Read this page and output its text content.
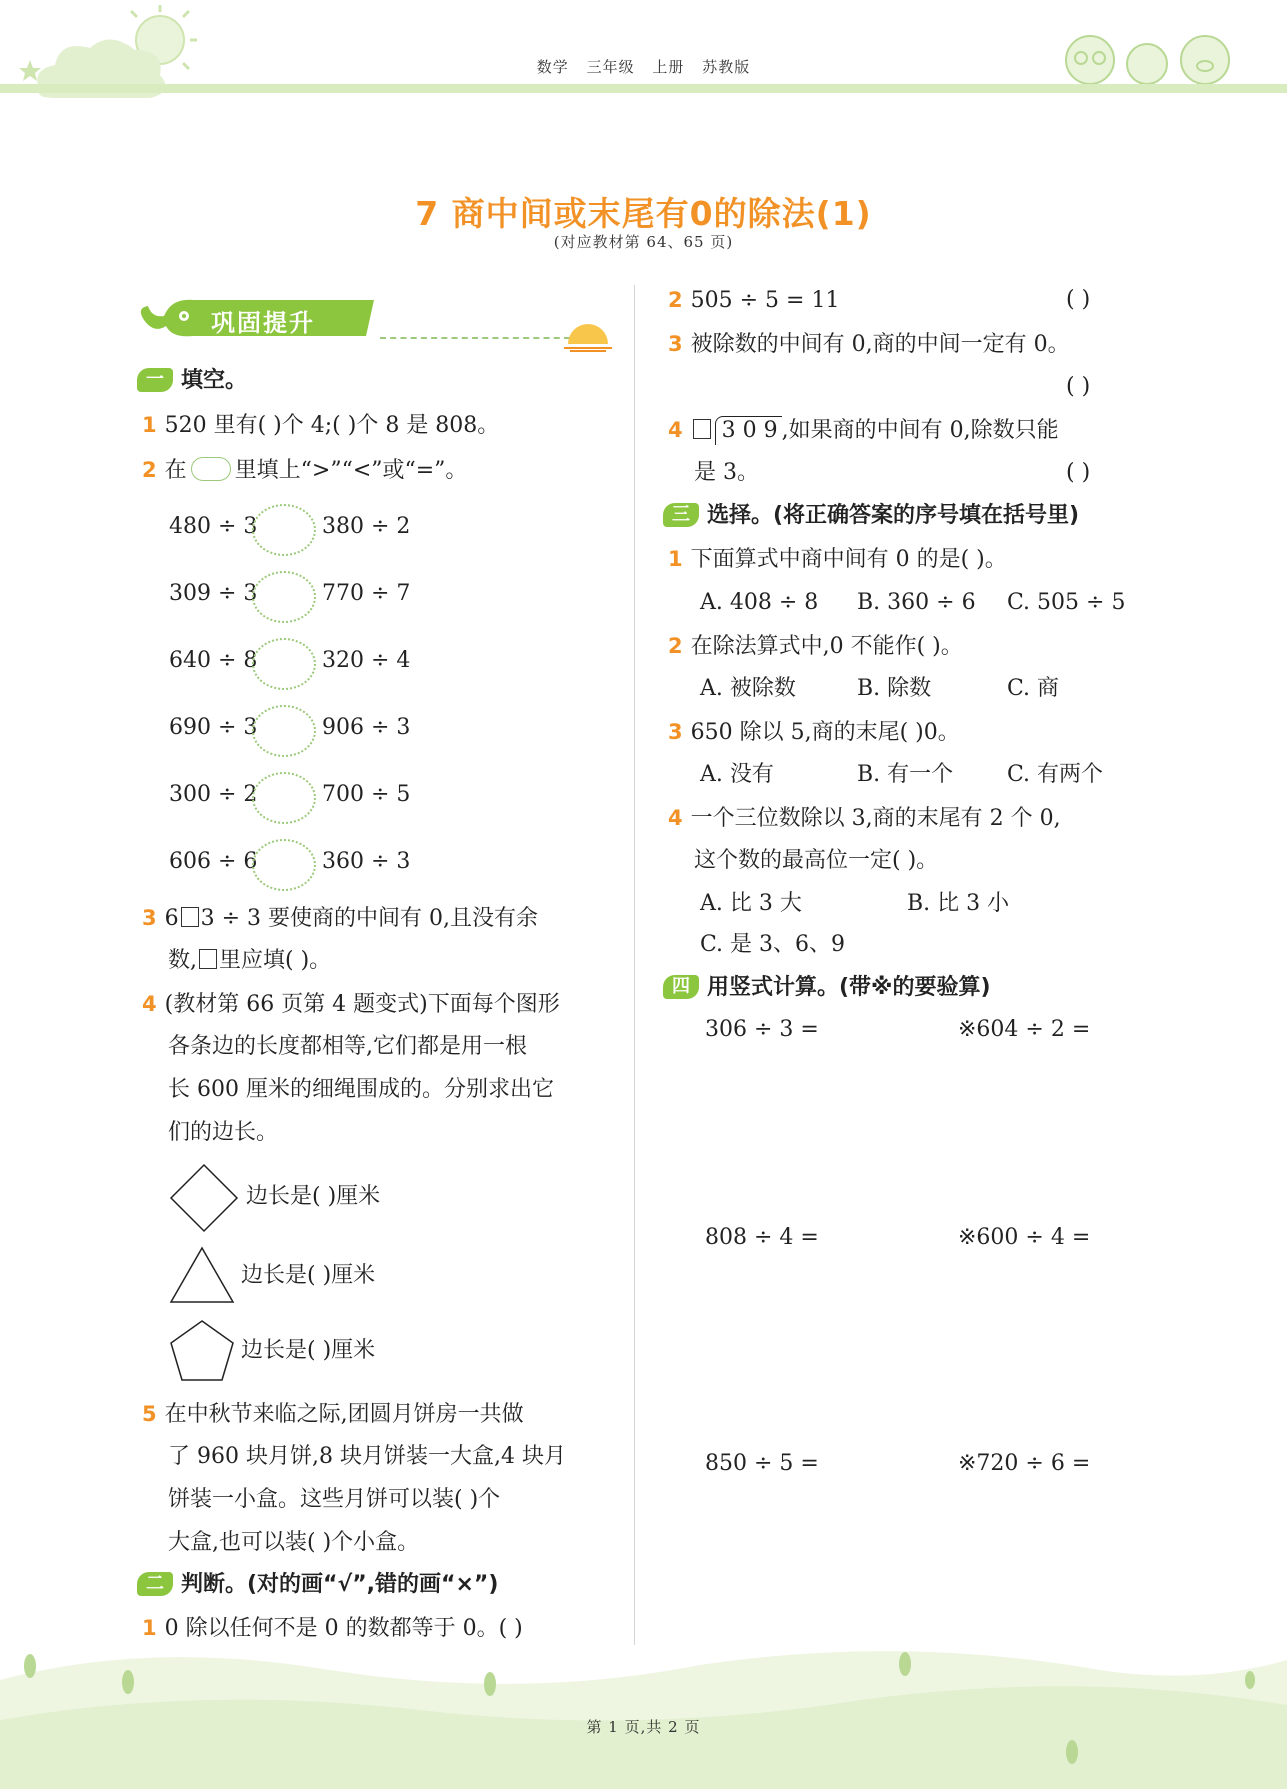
数学 三年级 上册 苏教版
7 商中间或末尾有0的除法(1)
(对应教材第 64、65 页)
巩固提升
一 填空。
1 520 里有( )个 4;( )个 8 是 808。
2 在 里填上“>”“<”或“=”。
480 ÷ 3	380 ÷ 2
309 ÷ 3	770 ÷ 7
640 ÷ 8	320 ÷ 4
690 ÷ 3	906 ÷ 3
300 ÷ 2	700 ÷ 5
606 ÷ 6	360 ÷ 3
3 6 3 ÷ 3 要使商的中间有 0,且没有余
数, 里应填( )。
4 (教材第 66 页第 4 题变式)下面每个图形
各条边的长度都相等,它们都是用一根
长 600 厘米的细绳围成的。分别求出它
们的边长。
边长是( )厘米
边长是( )厘米
边长是( )厘米
5 在中秋节来临之际,团圆月饼房一共做
了 960 块月饼,8 块月饼装一大盒,4 块月
饼装一小盒。这些月饼可以装( )个
大盒,也可以装( )个小盒。
二 判断。(对的画“√”,错的画“×”)
1 0 除以任何不是 0 的数都等于 0。( )
2 505 ÷ 5 = 11	( )
3 被除数的中间有 0,商的中间一定有 0。
( )
4 3 0 9 ,如果商的中间有 0,除数只能
是 3。	( )
三 选择。(将正确答案的序号填在括号里)
1 下面算式中商中间有 0 的是( )。
A. 408 ÷ 8 B. 360 ÷ 6 C. 505 ÷ 5
2 在除法算式中,0 不能作( )。
A. 被除数	B. 除数	C. 商
3 650 除以 5,商的末尾( )0。
A. 没有	B. 有一个 C. 有两个
4 一个三位数除以 3,商的末尾有 2 个 0,
这个数的最高位一定( )。
A. 比 3 大	B. 比 3 小
C. 是 3、6、9
四 用竖式计算。(带※的要验算)
306 ÷ 3 =	※604 ÷ 2 =
808 ÷ 4 =	※600 ÷ 4 =
850 ÷ 5 =	※720 ÷ 6 =
第 1 页,共 2 页
